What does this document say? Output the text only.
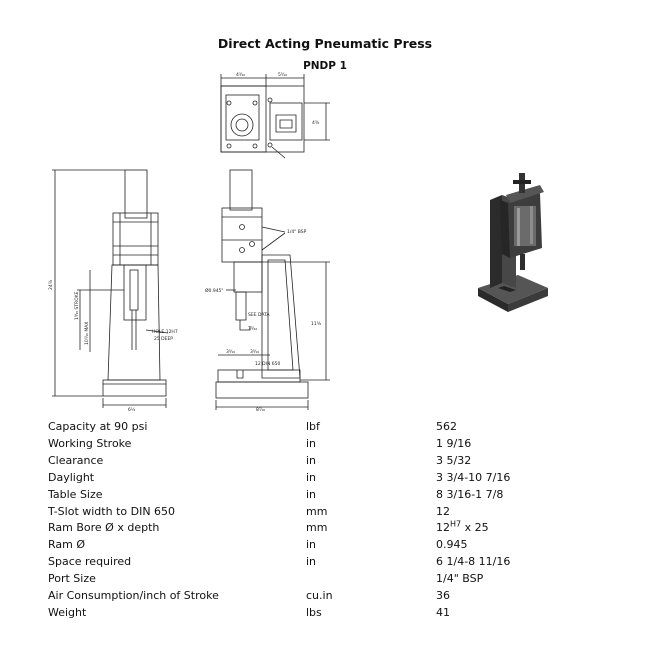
Direct Acting Pneumatic Press
PNDP 1
4³⁄₁₆	5⁵⁄₁₆
4⅜
1/4" BSP
Ø0.945"
SEE DATA
12 DIN 650
HOLE 12H7
25 DEEP
24⅞
1⁹⁄₁₆ STROKE
10⁷⁄₁₆ MAX
6¼	8⁷⁄₁₆
3⁵⁄₁₆	3⁵⁄₁₆
3⁵⁄₃₂
11⅝
Capacity at 90 psi	lbf	562
Working Stroke	in	1 9/16
Clearance	in	3 5/32
Daylight	in	3 3/4-10 7/16
Table Size	in	8 3/16-1 7/8
T-Slot width to DIN 650	mm	12
Ram Bore Ø x depth	mm	$12^{H7}$ x 25
Ram Ø	in	0.945
Space required	in	6 1/4-8 11/16
Port Size		1/4" BSP
Air Consumption/inch of Stroke	cu.in	36
Weight	lbs	41
